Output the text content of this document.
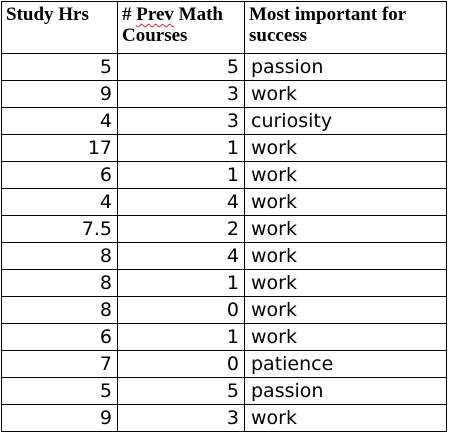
Study Hrs	# Prev Math Courses	Most important for success
5	5	passion
9	3	work
4	3	curiosity
17	1	work
6	1	work
4	4	work
7.5	2	work
8	4	work
8	1	work
8	0	work
6	1	work
7	0	patience
5	5	passion
9	3	work
